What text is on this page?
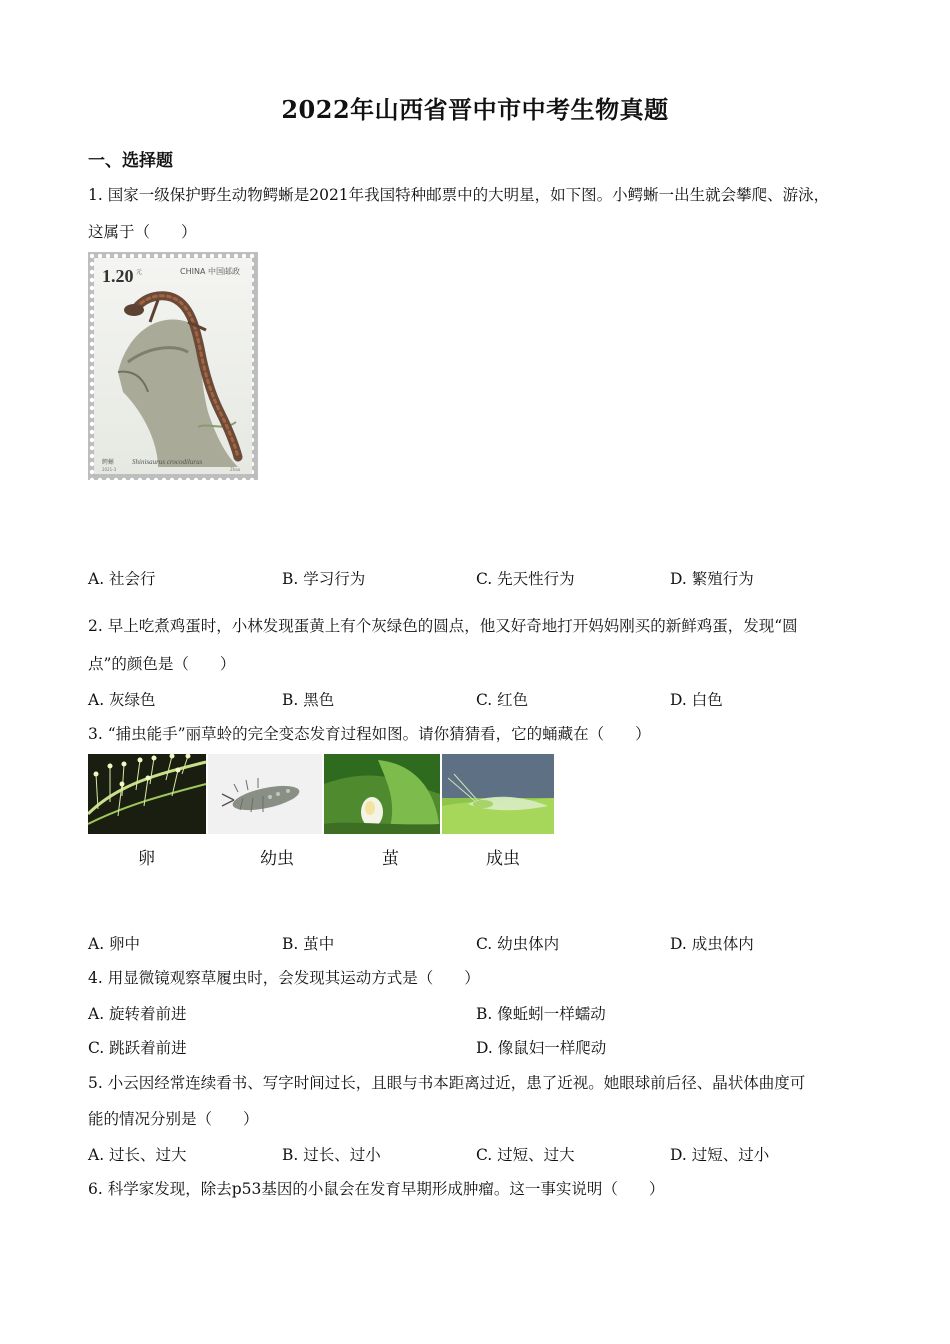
2022年山西省晋中市中考生物真题
一、选择题
1. 国家一级保护野生动物鳄蜥是2021年我国特种邮票中的大明星，如下图。小鳄蜥一出生就会攀爬、游泳，
这属于（　　）
1.20 元	CHINA 中国邮政
鳄蜥	Shinisaurus crocodilurus
2021-3	Zhao
A. 社会行	B. 学习行为	C. 先天性行为	D. 繁殖行为
2. 早上吃煮鸡蛋时，小林发现蛋黄上有个灰绿色的圆点，他又好奇地打开妈妈刚买的新鲜鸡蛋，发现“圆
点”的颜色是（　　）
A. 灰绿色	B. 黑色	C. 红色	D. 白色
3. “捕虫能手”丽草蛉的完全变态发育过程如图。请你猜猜看，它的蛹藏在（　　）
卵	幼虫	茧	成虫
A. 卵中	B. 茧中	C. 幼虫体内	D. 成虫体内
4. 用显微镜观察草履虫时，会发现其运动方式是（　　）
A. 旋转着前进	B. 像蚯蚓一样蠕动
C. 跳跃着前进	D. 像鼠妇一样爬动
5. 小云因经常连续看书、写字时间过长，且眼与书本距离过近，患了近视。她眼球前后径、晶状体曲度可
能的情况分别是（　　）
A. 过长、过大	B. 过长、过小	C. 过短、过大	D. 过短、过小
6. 科学家发现，除去p53基因的小鼠会在发育早期形成肿瘤。这一事实说明（　　）
